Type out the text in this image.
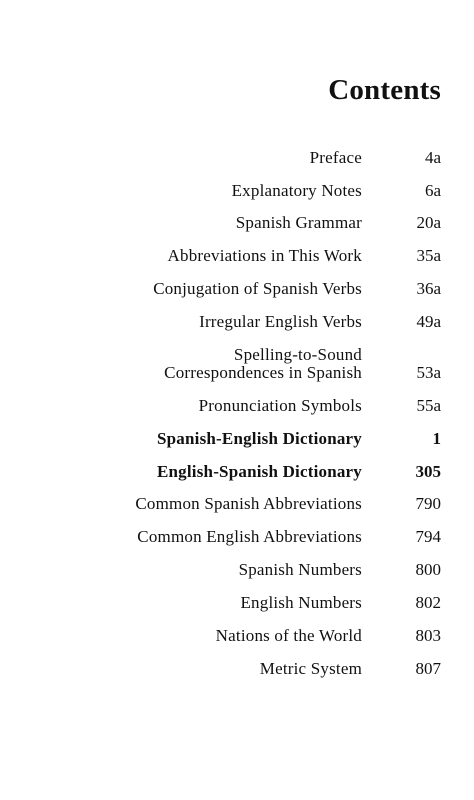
Contents
Preface	4a
Explanatory Notes	6a
Spanish Grammar	20a
Abbreviations in This Work	35a
Conjugation of Spanish Verbs	36a
Irregular English Verbs	49a
Spelling-to-Sound
Correspondences in Spanish	53a
Pronunciation Symbols	55a
Spanish-English Dictionary	1
English-Spanish Dictionary	305
Common Spanish Abbreviations	790
Common English Abbreviations	794
Spanish Numbers	800
English Numbers	802
Nations of the World	803
Metric System	807
